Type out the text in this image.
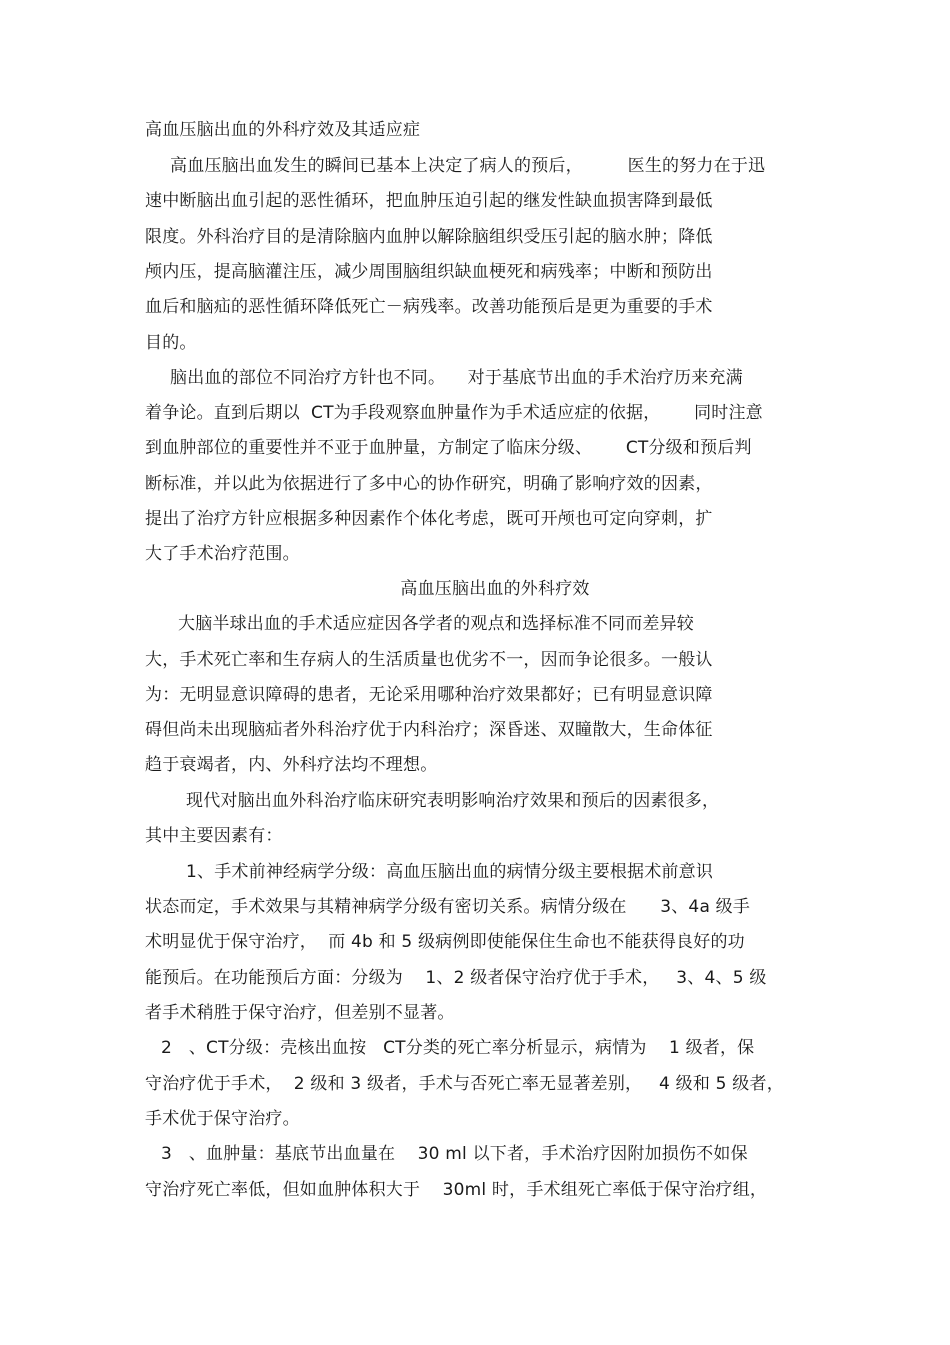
高血压脑出血的外科疗效及其适应症
高血压脑出血发生的瞬间已基本上决定了病人的预后，        医生的努力在于迅
速中断脑出血引起的恶性循环，把血肿压迫引起的继发性缺血损害降到最低
限度。外科治疗目的是清除脑内血肿以解除脑组织受压引起的脑水肿；降低
颅内压，提高脑灌注压，减少周围脑组织缺血梗死和病残率；中断和预防出
血后和脑疝的恶性循环降低死亡－病残率。改善功能预后是更为重要的手术
目的。
脑出血的部位不同治疗方针也不同。    对于基底节出血的手术治疗历来充满
着争论。直到后期以  CT为手段观察血肿量作为手术适应症的依据，      同时注意
到血肿部位的重要性并不亚于血肿量，方制定了临床分级、      CT分级和预后判
断标准，并以此为依据进行了多中心的协作研究，明确了影响疗效的因素，
提出了治疗方针应根据多种因素作个体化考虑，既可开颅也可定向穿刺，扩
大了手术治疗范围。
高血压脑出血的外科疗效
大脑半球出血的手术适应症因各学者的观点和选择标准不同而差异较
大，手术死亡率和生存病人的生活质量也优劣不一，因而争论很多。一般认
为：无明显意识障碍的患者，无论采用哪种治疗效果都好；已有明显意识障
碍但尚未出现脑疝者外科治疗优于内科治疗；深昏迷、双瞳散大，生命体征
趋于衰竭者，内、外科疗法均不理想。
现代对脑出血外科治疗临床研究表明影响治疗效果和预后的因素很多，
其中主要因素有：
1、手术前神经病学分级：高血压脑出血的病情分级主要根据术前意识
状态而定，手术效果与其精神病学分级有密切关系。病情分级在      3、4a 级手
术明显优于保守治疗，  而 4b 和 5 级病例即使能保住生命也不能获得良好的功
能预后。在功能预后方面：分级为    1、2 级者保守治疗优于手术，   3、4、5 级
者手术稍胜于保守治疗，但差别不显著。
2   、CT分级：壳核出血按   CT分类的死亡率分析显示，病情为    1 级者，保
守治疗优于手术，  2 级和 3 级者，手术与否死亡率无显著差别，   4 级和 5 级者，
手术优于保守治疗。
3   、血肿量：基底节出血量在    30 ml 以下者，手术治疗因附加损伤不如保
守治疗死亡率低，但如血肿体积大于    30ml 时，手术组死亡率低于保守治疗组，
